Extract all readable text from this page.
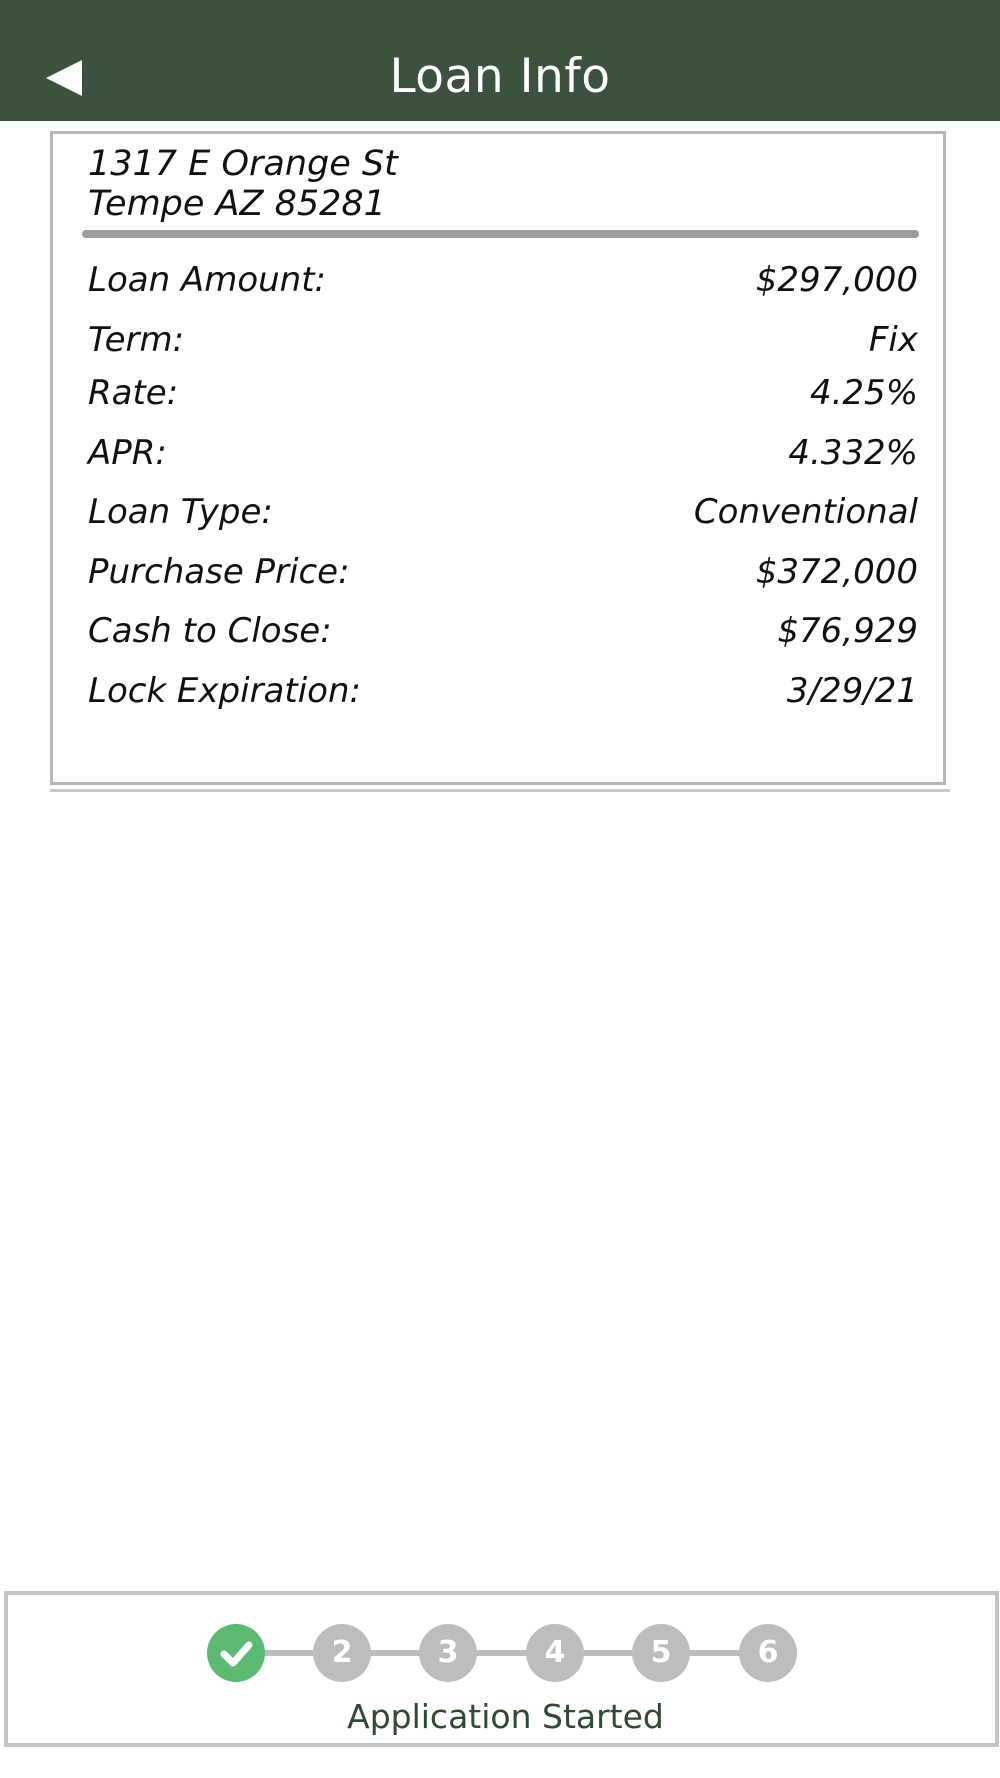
Loan Info
1317 E Orange St
Tempe AZ 85281
Loan Amount:	$297,000
Term:	Fix
Rate:	4.25%
APR:	4.332%
Loan Type:	Conventional
Purchase Price:	$372,000
Cash to Close:	$76,929
Lock Expiration:	3/29/21
2	3	4	5	6
Application Started
